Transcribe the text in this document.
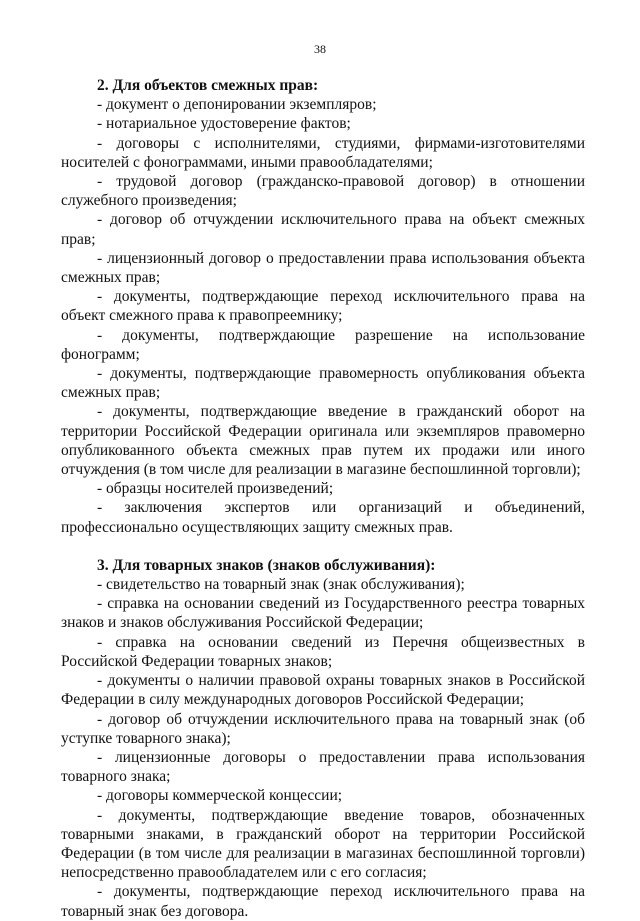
38

2. Для объектов смежных прав:

- документ о депонировании экземпляров;

- нотариальное удостоверение фактов;

- договоры с исполнителями, студиями, фирмами-изготовителями носителей с фонограммами, иными правообладателями;

- трудовой договор (гражданско-правовой договор) в отношении служебного произведения;

- договор об отчуждении исключительного права на объект смежных прав;

- лицензионный договор о предоставлении права использования объекта смежных прав;

- документы, подтверждающие переход исключительного права на объект смежного права к правопреемнику;

- документы, подтверждающие разрешение на использование фонограмм;

- документы, подтверждающие правомерность опубликования объекта смежных прав;

- документы, подтверждающие введение в гражданский оборот на территории Российской Федерации оригинала или экземпляров правомерно опубликованного объекта смежных прав путем их продажи или иного отчуждения (в том числе для реализации в магазине беспошлинной торговли);

- образцы носителей произведений;

- заключения экспертов или организаций и объединений, профессионально осуществляющих защиту смежных прав.

3. Для товарных знаков (знаков обслуживания):

- свидетельство на товарный знак (знак обслуживания);

- справка на основании сведений из Государственного реестра товарных знаков и знаков обслуживания Российской Федерации;

- справка на основании сведений из Перечня общеизвестных в Российской Федерации товарных знаков;

- документы о наличии правовой охраны товарных знаков в Российской Федерации в силу международных договоров Российской Федерации;

- договор об отчуждении исключительного права на товарный знак (об уступке товарного знака);

- лицензионные договоры о предоставлении права использования товарного знака;

- договоры коммерческой концессии;

- документы, подтверждающие введение товаров, обозначенных товарными знаками, в гражданский оборот на территории Российской Федерации (в том числе для реализации в магазинах беспошлинной торговли) непосредственно правообладателем или с его согласия;

- документы, подтверждающие переход исключительного права на товарный знак без договора.
